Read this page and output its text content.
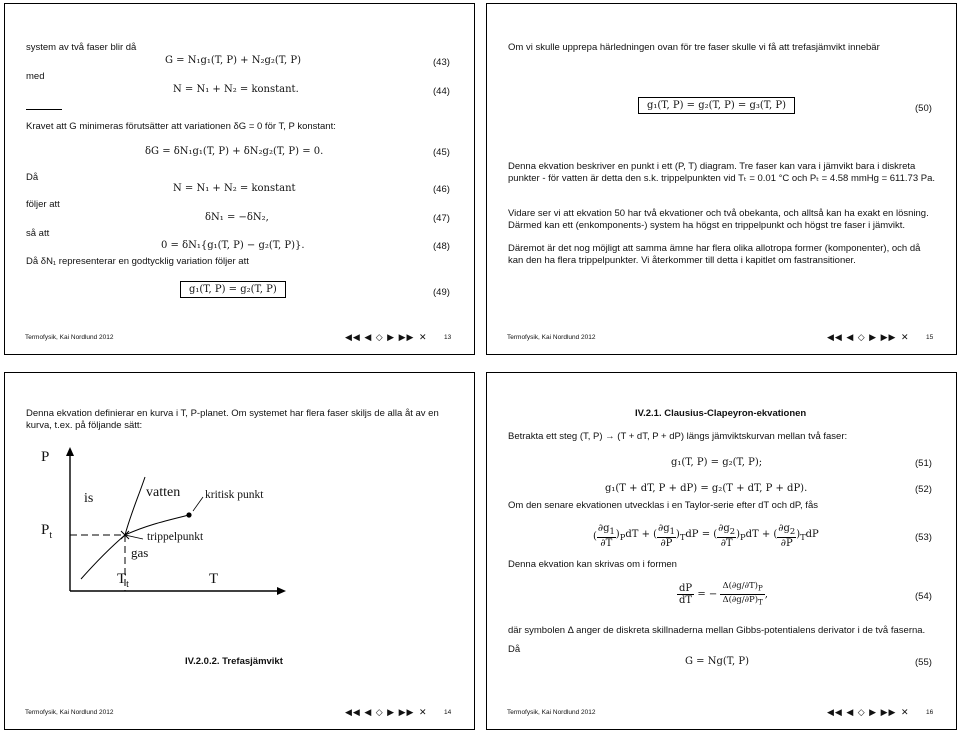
system av två faser blir då
G = N₁g₁(T, P) + N₂g₂(T, P)	(43)
med
N = N₁ + N₂ = konstant.	(44)
Kravet att G minimeras förutsätter att variationen δG = 0 för T, P konstant:
δG = δN₁g₁(T, P) + δN₂g₂(T, P) = 0.	(45)
Då
N = N₁ + N₂ = konstant	(46)
följer att
δN₁ = −δN₂,	(47)
så att
0 = δN₁{g₁(T, P) − g₂(T, P)}.	(48)
Då δN₁ representerar en godtycklig variation följer att
g₁(T, P) = g₂(T, P)	(49)
Termofysik, Kai Nordlund 2012	◀◀ ◀ ◇ ▶ ▶▶ ✕	13
Om vi skulle upprepa härledningen ovan för tre faser skulle vi få att trefasjämvikt innebär
g₁(T, P) = g₂(T, P) = g₃(T, P)	(50)
Denna ekvation beskriver en punkt i ett (P, T) diagram. Tre faser kan vara i jämvikt bara i diskreta punkter - för vatten är detta den s.k. trippelpunkten vid Tₜ = 0.01 °C och Pₜ = 4.58 mmHg = 611.73 Pa.
Vidare ser vi att ekvation 50 har två ekvationer och två obekanta, och alltså kan ha exakt en lösning. Därmed kan ett (enkomponents-) system ha högst en trippelpunkt och högst tre faser i jämvikt.
Däremot är det nog möjligt att samma ämne har flera olika allotropa former (komponenter), och då kan den ha flera trippelpunkter. Vi återkommer till detta i kapitlet om fastransitioner.
Termofysik, Kai Nordlund 2012	◀◀ ◀ ◇ ▶ ▶▶ ✕	15
Denna ekvation definierar en kurva i T, P-planet. Om systemet har flera faser skiljs de alla åt av en kurva, t.ex. på följande sätt:
P
is	vatten kritisk punkt
$P_t$	trippelpunkt
gas
$T_t$	T
IV.2.0.2. Trefasjämvikt
Termofysik, Kai Nordlund 2012	◀◀ ◀ ◇ ▶ ▶▶ ✕	14
IV.2.1. Clausius-Clapeyron-ekvationen
Betrakta ett steg (T, P) → (T + dT, P + dP) längs jämviktskurvan mellan två faser:
g₁(T, P) = g₂(T, P);	(51)
g₁(T + dT, P + dP) = g₂(T + dT, P + dP).	(52)
Om den senare ekvationen utvecklas i en Taylor-serie efter dT och dP, fås
( $\frac{\partial g_1}{\partial T} )_PdT$ + ( $\frac{\partial g_1}{\partial P} )_TdP$ = ( $\frac{\partial g_2}{\partial T} )_PdT$ + ( $\frac{\partial g_2}{\partial P} )_TdP$	(53)
Denna ekvation kan skrivas om i formen
$\frac{dP}{dT}$ = − $\frac{\Delta(\partial g/\partial T)_P}{\Delta(\partial g/\partial P)_T}$ ,	(54)
där symbolen Δ anger de diskreta skillnaderna mellan Gibbs-potentialens derivator i de två faserna.
Då
G = Ng(T, P)	(55)
Termofysik, Kai Nordlund 2012	◀◀ ◀ ◇ ▶ ▶▶ ✕	16
